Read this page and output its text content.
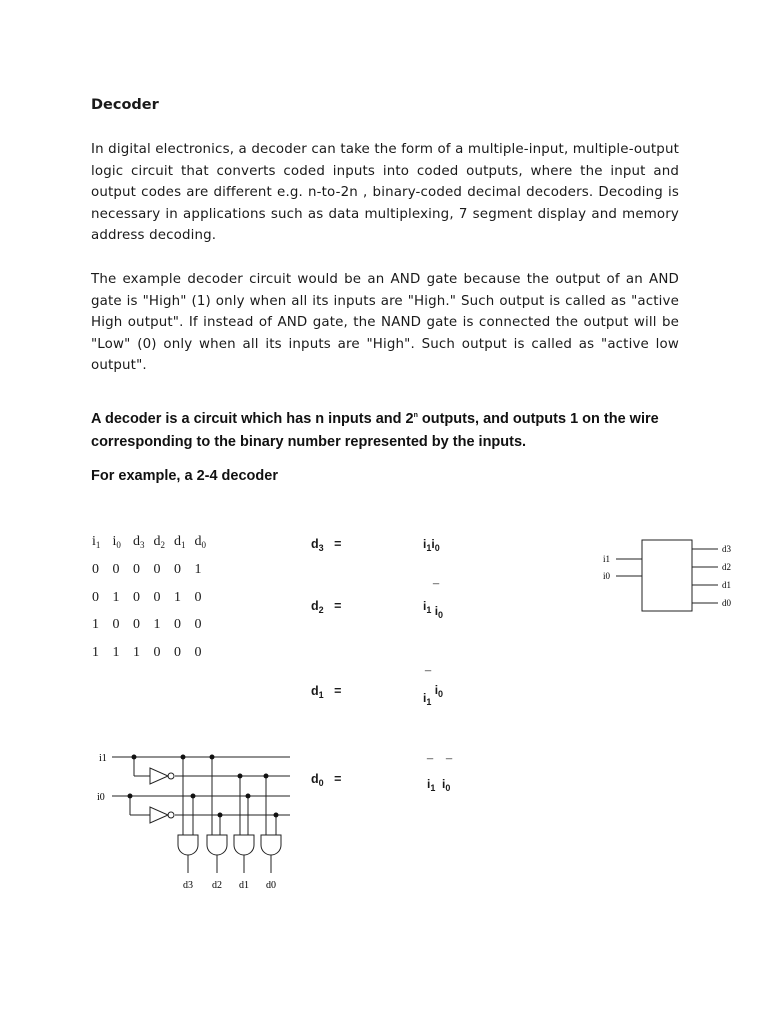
Decoder
In digital electronics, a decoder can take the form of a multiple-input, multiple-output logic circuit that converts coded inputs into coded outputs, where the input and output codes are different e.g. n-to-2n , binary-coded decimal decoders. Decoding is necessary in applications such as data multiplexing, 7 segment display and memory address decoding.
The example decoder circuit would be an AND gate because the output of an AND gate is "High" (1) only when all its inputs are "High." Such output is called as "active High output". If instead of AND gate, the NAND gate is connected the output will be "Low" (0) only when all its inputs are "High". Such output is called as "active low output".
A decoder is a circuit which has n inputs and 2$^n$ outputs, and outputs 1 on the wire
corresponding to the binary number represented by the inputs.
For example, a 2-4 decoder
$i_1$ $i_0$ $d_3$ $d_2$ $d_1$ $d_0$
0 0 0 0 0 1
0 1 0 0 1 0
1 0 0 1 0 0
1 1 1 0 0 0
$d_3$ =	$i_1i_0$
$d_2$ =
_
$i_1$ $i_0$
$d_1$ =
_
$i_1$ $i_0$
$d_0$ =
_ _
$i_1$ $i_0$
i1
i0
d3
d2
d1
d0
i1
i0
d3 d2 d1 d0
